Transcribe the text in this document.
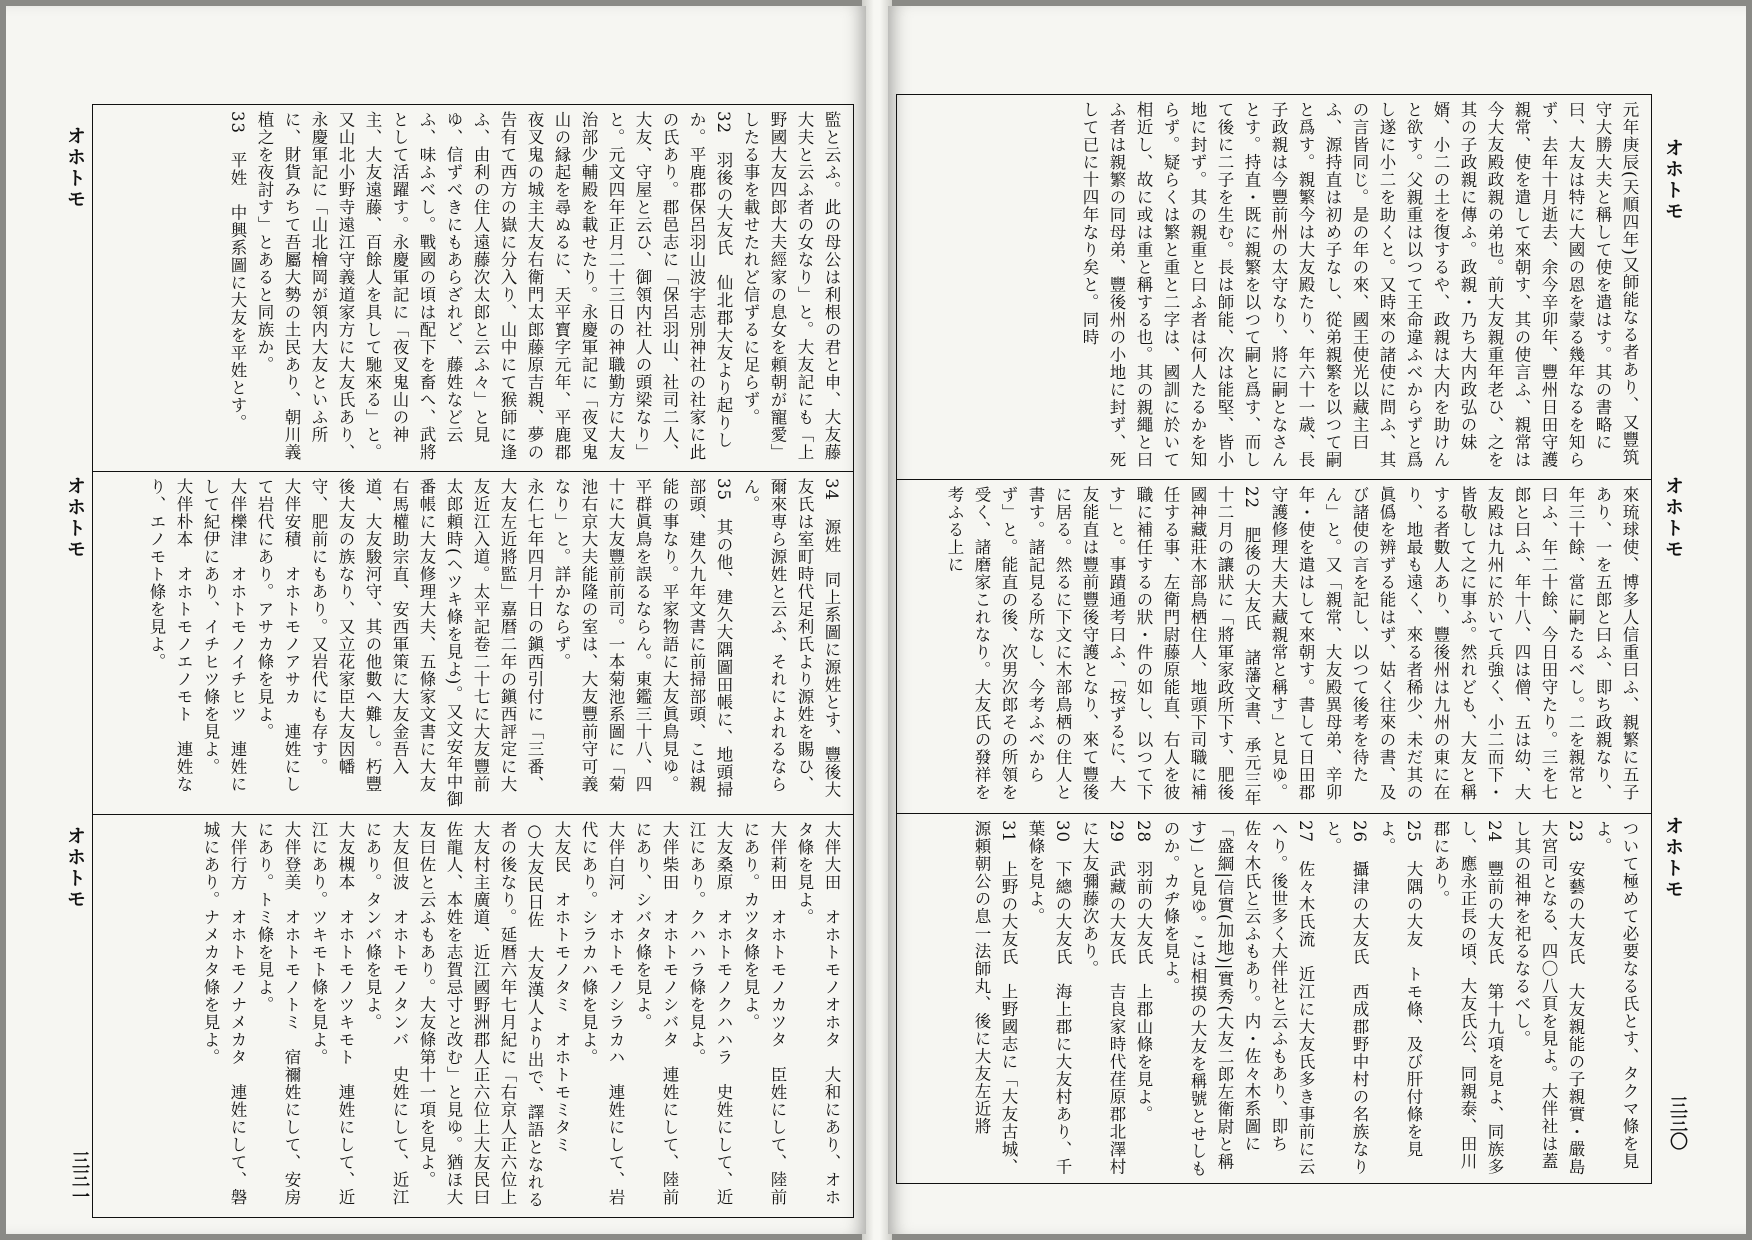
オホトモ
オホトモ
オホトモ
監と云ふ。此の母公は利根の君と申、大友藤大夫と云ふ者の女なり」と。大友記にも「上野國大友四郎大夫經家の息女を頼朝が寵愛」したる事を載せたれど信ずるに足らず。
32　羽後の大友氏　仙北郡大友より起りしか。平鹿郡保呂羽山波宇志別神社の社家に此の氏あり。郡邑志に「保呂羽山、社司二人、大友、守屋と云ひ、御領内社人の頭梁なり」と。元文四年正月二十三日の神職勤方に大友治部少輔殿を載せたり。永慶軍記に「夜叉鬼山の縁起を尋ぬるに、天平寳字元年、平鹿郡夜叉鬼の城主大友右衛門太郎藤原吉親、夢の告有て西方の嶽に分入り、山中にて猴師に逢ふ、由利の住人遠藤次太郎と云ふ々」と見ゆ、信ずべきにもあらざれど、藤姓など云ふ、味ふべし。戰國の頃は配下を畜へ、武將として活躍す。永慶軍記に「夜叉鬼山の神主、大友遠藤、百餘人を具して馳來る」と。又山北小野寺遠江守義道家方に大友氏あり、永慶軍記に「山北檜岡が領内大友といふ所に、財貨みちて吾屬大勢の土民あり、朝川義植之を夜討す」とあると同族か。
33　平姓　中興系圖に大友を平姓とす。
34　源姓　同上系圖に源姓とす、豐後大友氏は室町時代足利氏より源姓を賜ひ、爾來専ら源姓と云ふ、それによれるならん。
35　其の他、建久大隅圖田帳に、地頭掃部頭、建久九年文書に前掃部頭、こは親能の事なり。平家物語に大友眞鳥見ゆ。平群眞鳥を誤るならん。東鑑三十八、四十に大友豐前前司。一本菊池系圖に「菊池右京大夫能隆の室は、大友豐前守可義なり」と。詳かならず。
永仁七年四月十日の鎭西引付に「三番、大友左近將監」嘉暦二年の鎭西評定に大友近江入道。太平記卷二十七に大友豐前太郎頼時(ヘツキ條を見よ)。又文安年中御番帳に大友修理大夫、五條家文書に大友右馬權助宗直、安西軍策に大友金吾入道、大友駿河守、其の他數へ難し。朽豐後大友の族なり、又立花家臣大友因幡守、肥前にもあり。又岩代にも存す。
大伴安積　オホトモノアサカ　連姓にして岩代にあり。アサカ條を見よ。
大伴櫟津　オホトモノイチヒツ　連姓にして紀伊にあり、イチヒツ條を見よ。
大伴朴本　オホトモノエノモト　連姓なり、エノモト條を見よ。
大伴大田　オホトモノオホタ　大和にあり、オホタ條を見よ。
大伴莉田　オホトモノカツタ　臣姓にして、陸前にあり。カツタ條を見よ。
大友桑原　オホトモノクハハラ　史姓にして、近江にあり。クハハラ條を見よ。
大伴柴田　オホトモノシバタ　連姓にして、陸前にあり、シバタ條を見よ。
大伴白河　オホトモノシラカハ　連姓にして、岩代にあり。シラカハ條を見よ。
大友民　オホトモノタミ　オホトモミタミ
○大友民日佐　大友漢人より出で、譯語となれる者の後なり。延暦六年七月紀に「右京人正六位上大友村主廣道、近江國野洲郡人正六位上大友民曰佐龍人、本姓を志賀忌寸と改む」と見ゆ。猶ほ大友曰佐と云ふもあり。大友條第十一項を見よ。
大友但波　オホトモノタンバ　史姓にして、近江にあり。タンバ條を見よ。
大友槻本　オホトモノツキモト　連姓にして、近江にあり。ツキモト條を見よ。
大伴登美　オホトモノトミ　宿禰姓にして、安房にあり。トミ條を見よ。
大伴行方　オホトモノナメカタ　連姓にして、磐城にあり。ナメカタ條を見よ。
三三一
オホトモ
オホトモ
オホトモ
元年庚辰(天順四年)又師能なる者あり、又豐筑守大勝大夫と稱して使を遣はす。其の書略に曰、大友は特に大國の恩を蒙る幾年なるを知らず、去年十月逝去、余今辛卯年、豐州日田守護親常、使を遣して來朝す、其の使言ふ、親常は今大友殿政親の弟也。前大友親重年老ひ、之を其の子政親に傳ふ。政親・乃ち大内政弘の妹婿、小二の土を復するや、政親は大内を助けんと欲す。父親重は以つて王命違ふべからずと爲し遂に小二を助くと。又時來の諸使に問ふ、其の言皆同じ。是の年の來、國王使光以藏主曰ふ、源持直は初め子なし、從弟親繁を以つて嗣と爲す。親繁今は大友殿たり、年六十一歳、長子政親は今豐前州の太守なり、將に嗣となさんとす。持直・既に親繁を以つて嗣と爲す、而して後に二子を生む。長は師能、次は能堅、皆小地に封ず。其の親重と曰ふ者は何人たるかを知らず。疑らくは繁と重と二字は、國訓に於いて相近し、故に或は重と稱する也。其の親繩と曰ふ者は親繁の同母弟、豐後州の小地に封ず、死して已に十四年なり矣と。同時
來琉球使、博多人信重曰ふ、親繁に五子あり、一を五郎と曰ふ、即ち政親なり、年三十餘、當に嗣たるべし。二を親常と曰ふ、年二十餘、今日田守たり。三を七郎と曰ふ、年十八、四は僧、五は幼、大友殿は九州に於いて兵強く、小二而下・皆敬して之に事ふ。然れども、大友と稱する者數人あり、豐後州は九州の東に在り、地最も遠く、來る者稀少、未だ其の眞僞を辨ずる能はず、姑く往來の書、及び諸使の言を記し、以つて後考を待たん」と。又「親常、大友殿異母弟、辛卯年・使を遣はして來朝す。書して日田郡守護修理大夫大藏親常と稱す」と見ゆ。
22　肥後の大友氏　諸藩文書、承元三年十二月の讓狀に「將軍家政所下す、肥後國神藏莊木部鳥栖住人、地頭下司職に補任する事、左衛門尉藤原能直、右人を彼職に補任するの狀・件の如し、以つて下す」と。事蹟通考曰ふ、「按ずるに、大友能直は豐前豐後守護となり、來て豐後に居る。然るに下文に木部鳥栖の住人と書す。諸記見る所なし、今考ふべからず」と。能直の後、次男次郎その所領を受く、諸磨家これなり。大友氏の發祥を考ふる上に
ついて極めて必要なる氏とす、タクマ條を見よ。
23　安藝の大友氏　大友親能の子親實・嚴島大宮司となる、四〇八頁を見よ。大伴社は蓋し其の祖神を祀るなるべし。
24　豐前の大友氏　第十九項を見よ、同族多し、應永正長の頃、大友氏公、同親泰、田川郡にあり。
25　大隅の大友　トモ條、及び肝付條を見よ。
26　攝津の大友氏　西成郡野中村の名族なりと。
27　佐々木氏流　近江に大友氏多き事前に云へり。後世多く大伴社と云ふもあり、即ち佐々木氏と云ふもあり。内・佐々木系圖に「盛綱|信實(加地)|實秀(大友二郎左衛尉と稱す)」と見ゆ。こは相摸の大友を稱號とせしものか。カヂ條を見よ。
28　羽前の大友氏　上郡山條を見よ。
29　武藏の大友氏　吉良家時代荏原郡北澤村に大友彌藤次あり。
30　下總の大友氏　海上郡に大友村あり、千葉條を見よ。
31　上野の大友氏　上野國志に「大友古城、源頼朝公の息一法師丸、後に大友左近將	三三〇
